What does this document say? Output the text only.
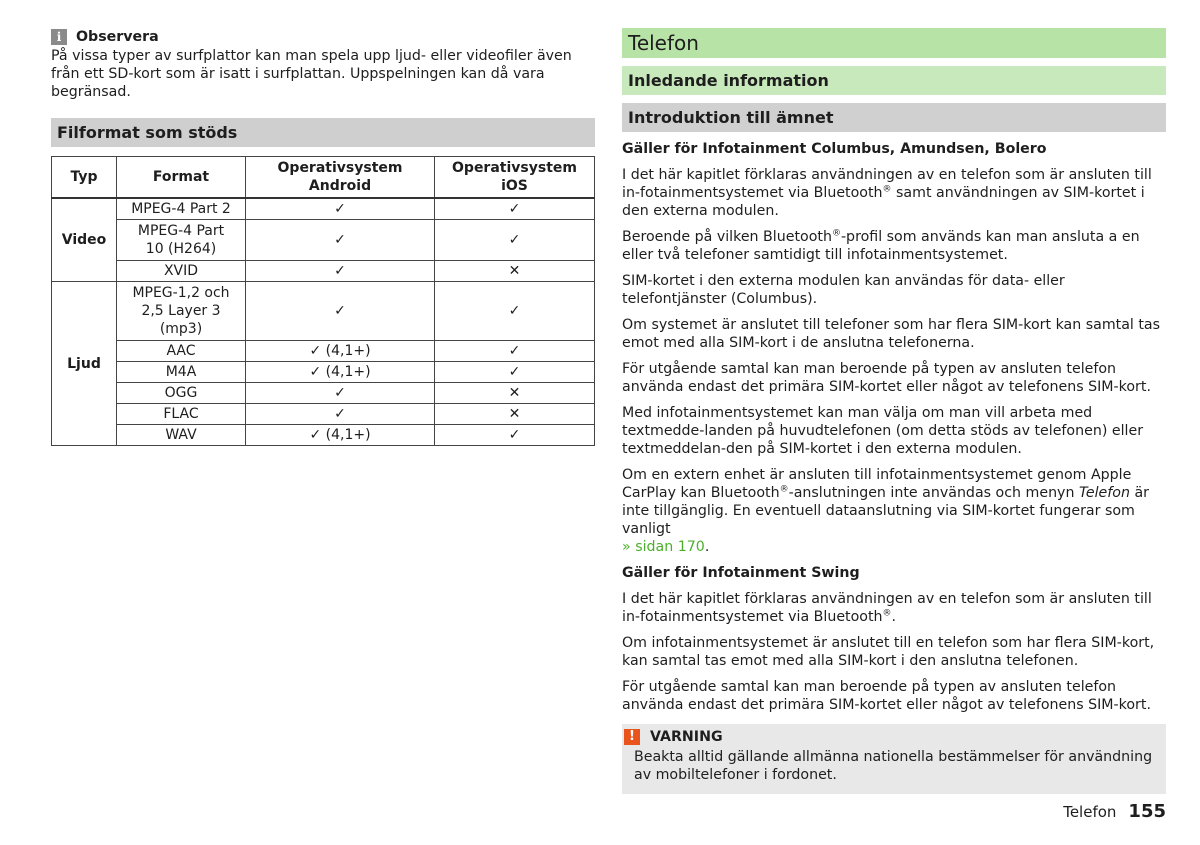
i	Observera

På vissa typer av surfplattor kan man spela upp ljud- eller videofiler även från ett SD-kort som är isatt i surfplattan. Uppspelningen kan då vara begränsad.

Filformat som stöds
Typ	Format	Operativsystem Android	Operativsystem iOS
Video	MPEG-4 Part 2	✓	✓
	MPEG-4 Part 10 (H264)	✓	✓
	XVID	✓	✕
Ljud	MPEG-1,2 och 2,5 Layer 3 (mp3)	✓	✓
	AAC	✓ (4,1+)	✓
	M4A	✓ (4,1+)	✓
	OGG	✓	✕
	FLAC	✓	✕
	WAV	✓ (4,1+)	✓
Telefon
Inledande information
Introduktion till ämnet

Gäller för Infotainment Columbus, Amundsen, Bolero

I det här kapitlet förklaras användningen av en telefon som är ansluten till in-fotainmentsystemet via Bluetooth® samt användningen av SIM-kortet i den externa modulen.

Beroende på vilken Bluetooth®-profil som används kan man ansluta a en eller två telefoner samtidigt till infotainmentsystemet.

SIM-kortet i den externa modulen kan användas för data- eller telefontjänster (Columbus).

Om systemet är anslutet till telefoner som har flera SIM-kort kan samtal tas emot med alla SIM-kort i de anslutna telefonerna.

För utgående samtal kan man beroende på typen av ansluten telefon använda endast det primära SIM-kortet eller något av telefonens SIM-kort.

Med infotainmentsystemet kan man välja om man vill arbeta med textmedde-landen på huvudtelefonen (om detta stöds av telefonen) eller textmeddelan-den på SIM-kortet i den externa modulen.

Om en extern enhet är ansluten till infotainmentsystemet genom Apple CarPlay kan Bluetooth®-anslutningen inte användas och menyn Telefon är inte tillgänglig. En eventuell dataanslutning via SIM-kortet fungerar som vanligt
» sidan 170.

Gäller för Infotainment Swing

I det här kapitlet förklaras användningen av en telefon som är ansluten till in-fotainmentsystemet via Bluetooth®.

Om infotainmentsystemet är anslutet till en telefon som har flera SIM-kort, kan samtal tas emot med alla SIM-kort i den anslutna telefonen.

För utgående samtal kan man beroende på typen av ansluten telefon använda endast det primära SIM-kortet eller något av telefonens SIM-kort.

!	VARNING
Beakta alltid gällande allmänna nationella bestämmelser för användning av mobiltelefoner i fordonet.
Telefon 155
